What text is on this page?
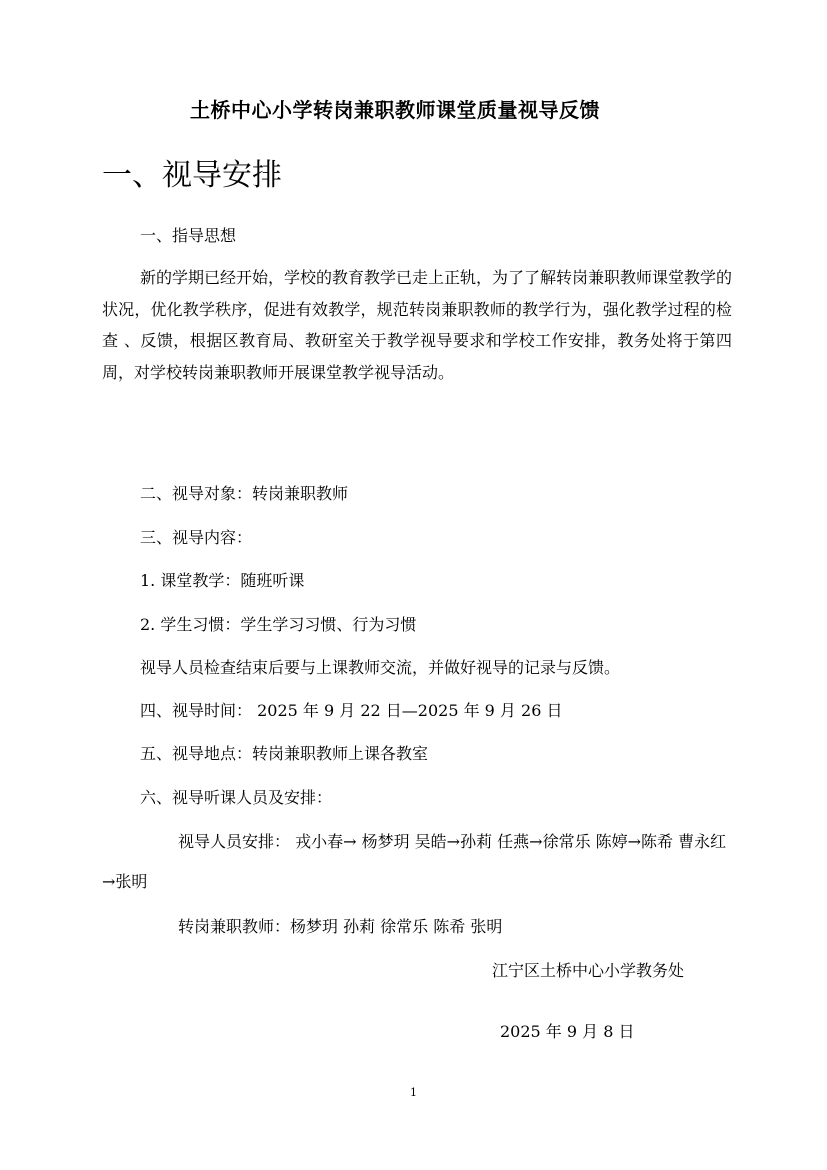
土桥中心小学转岗兼职教师课堂质量视导反馈
一、视导安排
一、指导思想
新的学期已经开始，学校的教育教学已走上正轨，为了了解转岗兼职教师课堂教学的状况，优化教学秩序，促进有效教学，规范转岗兼职教师的教学行为，强化教学过程的检查 、反馈，根据区教育局、教研室关于教学视导要求和学校工作安排，教务处将于第四周，对学校转岗兼职教师开展课堂教学视导活动。
二、视导对象：转岗兼职教师
三、视导内容：
1. 课堂教学：随班听课
2. 学生习惯：学生学习习惯、行为习惯
视导人员检查结束后要与上课教师交流，并做好视导的记录与反馈。
四、视导时间： 2025 年 9 月 22 日—2025 年 9 月 26 日
五、视导地点：转岗兼职教师上课各教室
六、视导听课人员及安排：
视导人员安排： 戎小春→ 杨梦玥 吴皓→孙莉 任燕→徐常乐 陈婷→陈希 曹永红→张明
转岗兼职教师：杨梦玥 孙莉 徐常乐 陈希 张明
江宁区土桥中心小学教务处
2025 年 9 月 8 日
1
